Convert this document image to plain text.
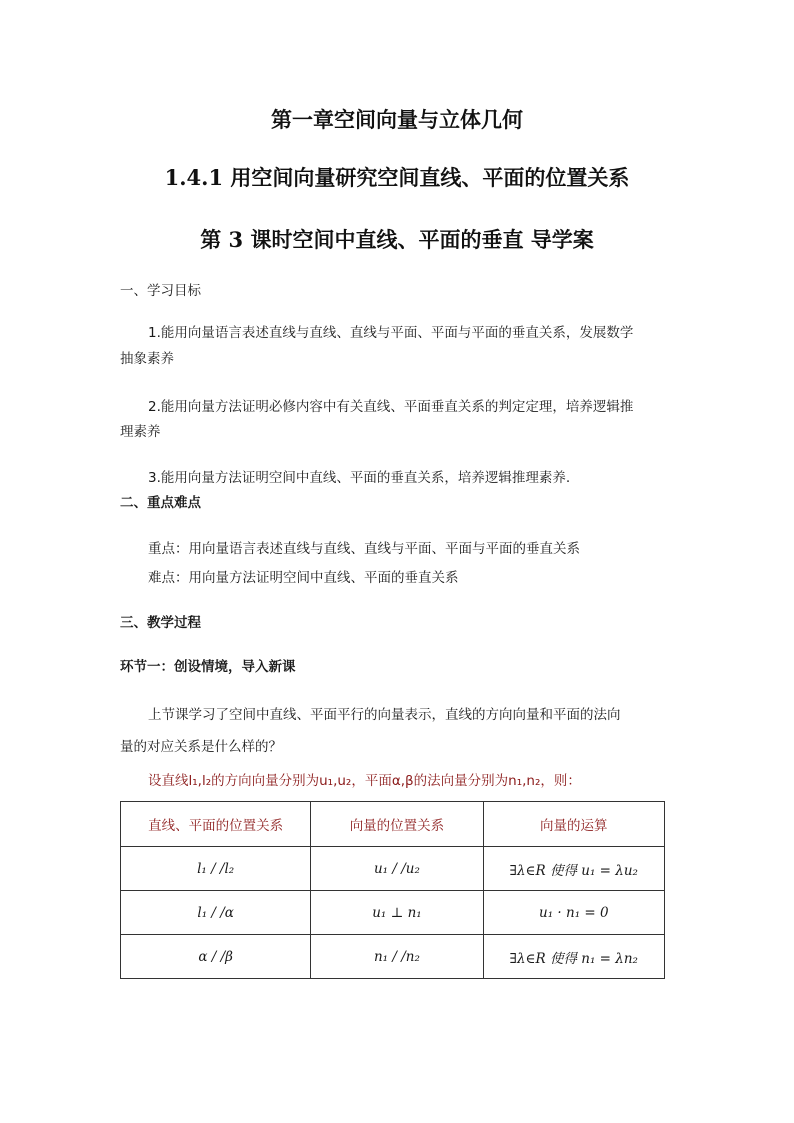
第一章空间向量与立体几何
1.4.1 用空间向量研究空间直线、平面的位置关系
第 3 课时空间中直线、平面的垂直 导学案
一、学习目标
1.能用向量语言表述直线与直线、直线与平面、平面与平面的垂直关系，发展数学
抽象素养
2.能用向量方法证明必修内容中有关直线、平面垂直关系的判定定理，培养逻辑推
理素养
3.能用向量方法证明空间中直线、平面的垂直关系，培养逻辑推理素养.
二、重点难点
重点：用向量语言表述直线与直线、直线与平面、平面与平面的垂直关系
难点：用向量方法证明空间中直线、平面的垂直关系
三、教学过程
环节一：创设情境，导入新课
上节课学习了空间中直线、平面平行的向量表示，直线的方向向量和平面的法向
量的对应关系是什么样的？
设直线l₁,l₂的方向向量分别为u₁,u₂，平面α,β的法向量分别为n₁,n₂，则：
直线、平面的位置关系	向量的位置关系	向量的运算
l₁ / /l₂	u₁ / /u₂	∃λ∈R 使得 u₁ = λu₂
l₁ / /α	u₁ ⊥ n₁	u₁ · n₁ = 0
α / /β	n₁ / /n₂	∃λ∈R 使得 n₁ = λn₂
